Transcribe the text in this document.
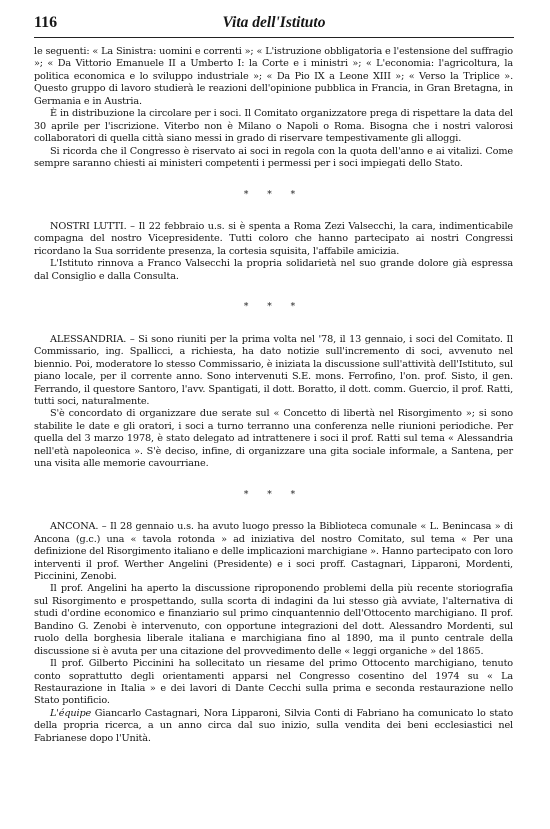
116	Vita dell'Istituto

le seguenti: « La Sinistra: uomini e correnti »; « L'istruzione obbligatoria e l'estensione del suffragio »; « Da Vittorio Emanuele II a Umberto I: la Corte e i ministri »; « L'economia: l'agricoltura, la politica economica e lo sviluppo industriale »; « Da Pio IX a Leone XIII »; « Verso la Triplice ». Questo gruppo di lavoro studierà le reazioni dell'opinione pubblica in Francia, in Gran Bretagna, in Germania e in Austria.

È in distribuzione la circolare per i soci. Il Comitato organizzatore prega di rispettare la data del 30 aprile per l'iscrizione. Viterbo non è Milano o Napoli o Roma. Bisogna che i nostri valorosi collaboratori di quella città siano messi in grado di riservare tempestivamente gli alloggi.

Si ricorda che il Congresso è riservato ai soci in regola con la quota dell'anno e ai vitalizi. Come sempre saranno chiesti ai ministeri competenti i permessi per i soci impiegati dello Stato.

* * *

NOSTRI LUTTI. – Il 22 febbraio u.s. si è spenta a Roma Zezi Valsecchi, la cara, indimenticabile compagna del nostro Vicepresidente. Tutti coloro che hanno partecipato ai nostri Congressi ricordano la Sua sorridente presenza, la cortesia squisita, l'affabile amicizia.

L'Istituto rinnova a Franco Valsecchi la propria solidarietà nel suo grande dolore già espressa dal Consiglio e dalla Consulta.

* * *

ALESSANDRIA. – Si sono riuniti per la prima volta nel '78, il 13 gennaio, i soci del Comitato. Il Commissario, ing. Spallicci, a richiesta, ha dato notizie sull'incremento di soci, avvenuto nel biennio. Poi, moderatore lo stesso Commissario, è iniziata la discussione sull'attività dell'Istituto, sul piano locale, per il corrente anno. Sono intervenuti S.E. mons. Ferrofino, l'on. prof. Sisto, il gen. Ferrando, il questore Santoro, l'avv. Spantigati, il dott. Boratto, il dott. comm. Guercio, il prof. Ratti, tutti soci, naturalmente.

S'è concordato di organizzare due serate sul « Concetto di libertà nel Risorgimento »; si sono stabilite le date e gli oratori, i soci a turno terranno una conferenza nelle riunioni periodiche. Per quella del 3 marzo 1978, è stato delegato ad intrattenere i soci il prof. Ratti sul tema « Alessandria nell'età napoleonica ». S'è deciso, infine, di organizzare una gita sociale informale, a Santena, per una visita alle memorie cavourriane.

* * *

ANCONA. – Il 28 gennaio u.s. ha avuto luogo presso la Biblioteca comunale « L. Benincasa » di Ancona (g.c.) una « tavola rotonda » ad iniziativa del nostro Comitato, sul tema « Per una definizione del Risorgimento italiano e delle implicazioni marchigiane ». Hanno partecipato con loro interventi il prof. Werther Angelini (Presidente) e i soci proff. Castagnari, Lipparoni, Mordenti, Piccinini, Zenobi.

Il prof. Angelini ha aperto la discussione riproponendo problemi della più recente storiografia sul Risorgimento e prospettando, sulla scorta di indagini da lui stesso già avviate, l'alternativa di studi d'ordine economico e finanziario sul primo cinquantennio dell'Ottocento marchigiano. Il prof. Bandino G. Zenobi è intervenuto, con opportune integrazioni del dott. Alessandro Mordenti, sul ruolo della borghesia liberale italiana e marchigiana fino al 1890, ma il punto centrale della discussione si è avuta per una citazione del provvedimento delle « leggi organiche » del 1865.

Il prof. Gilberto Piccinini ha sollecitato un riesame del primo Ottocento marchigiano, tenuto conto soprattutto degli orientamenti apparsi nel Congresso cosentino del 1974 su « La Restaurazione in Italia » e dei lavori di Dante Cecchi sulla prima e seconda restaurazione nello Stato pontificio.

L'équipe Giancarlo Castagnari, Nora Lipparoni, Silvia Conti di Fabriano ha comunicato lo stato della propria ricerca, a un anno circa dal suo inizio, sulla vendita dei beni ecclesiastici nel Fabrianese dopo l'Unità.
